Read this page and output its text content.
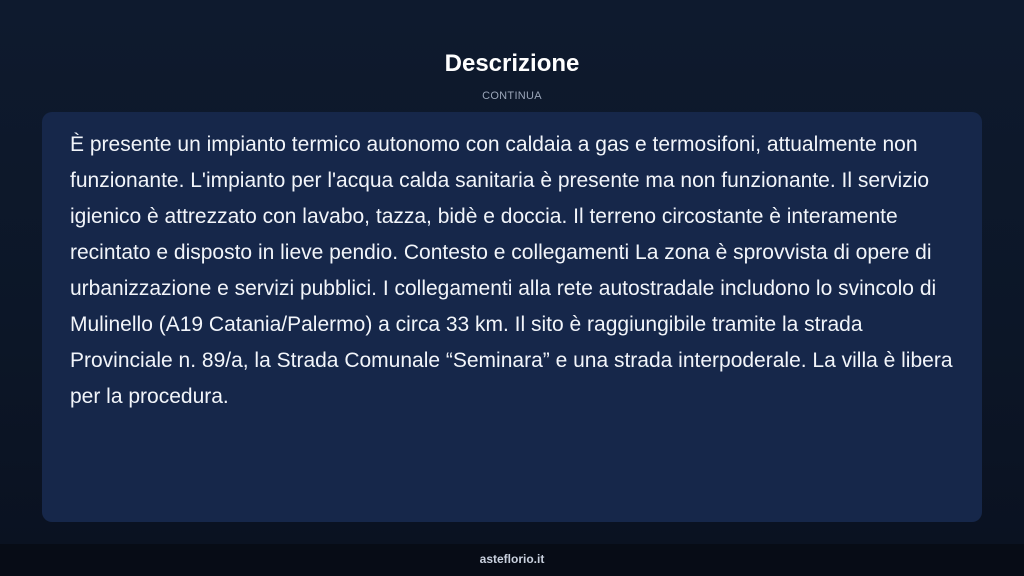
Descrizione
CONTINUA

È presente un impianto termico autonomo con caldaia a gas e termosifoni, attualmente non funzionante. L'impianto per l'acqua calda sanitaria è presente ma non funzionante. Il servizio igienico è attrezzato con lavabo, tazza, bidè e doccia. Il terreno circostante è interamente recintato e disposto in lieve pendio. Contesto e collegamenti La zona è sprovvista di opere di urbanizzazione e servizi pubblici. I collegamenti alla rete autostradale includono lo svincolo di Mulinello (A19 Catania/Palermo) a circa 33 km. Il sito è raggiungibile tramite la strada Provinciale n. 89/a, la Strada Comunale “Seminara” e una strada interpoderale. La villa è libera per la procedura.

asteflorio.it
